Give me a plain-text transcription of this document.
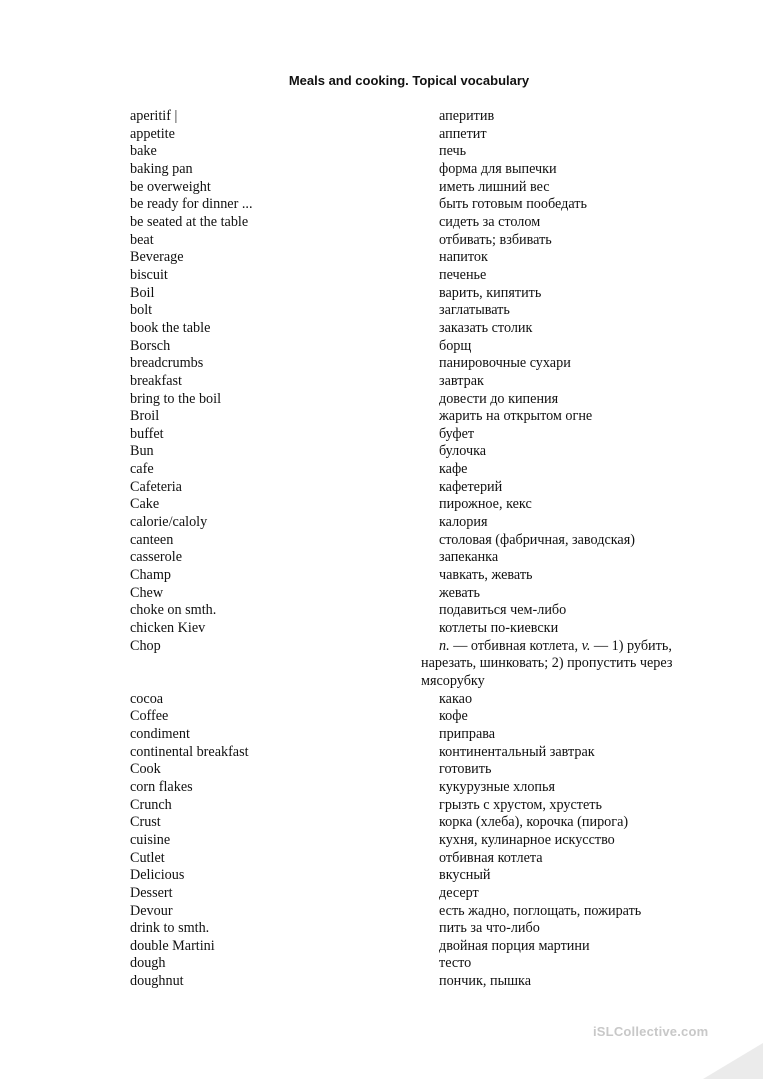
Meals and cooking. Topical vocabulary
aperitif |	аперитив
appetite	аппетит
bake	печь
baking pan	форма для выпечки
be overweight	иметь лишний вес
be ready for dinner ...	быть готовым пообедать
be seated at the table	сидеть за столом
beat	отбивать; взбивать
Beverage	напиток
biscuit	печенье
Boil	варить, кипятить
bolt	заглатывать
book the table	заказать столик
Borsch	борщ
breadcrumbs	панировочные сухари
breakfast	завтрак
bring to the boil	довести до кипения
Broil	жарить на открытом огне
buffet	буфет
Bun	булочка
cafe	кафе
Cafeteria	кафетерий
Cake	пирожное, кекс
calorie/caloly	калория
canteen	столовая (фабричная, заводская)
casserole	запеканка
Champ	чавкать, жевать
Chew	жевать
choke on smth.	подавиться чем-либо
chicken Kiev	котлеты по-киевски
Chop	n. — отбивная котлета, v. — 1) рубить, нарезать, шинковать; 2) пропустить через мясорубку
cocoa	какао
Coffee	кофе
condiment	приправа
continental breakfast	континентальный завтрак
Cook	готовить
corn flakes	кукурузные хлопья
Crunch	грызть с хрустом, хрустеть
Crust	корка (хлеба), корочка (пирога)
cuisine	кухня, кулинарное искусство
Cutlet	отбивная котлета
Delicious	вкусный
Dessert	десерт
Devour	есть жадно, поглощать, пожирать
drink to smth.	пить за что-либо
double Martini	двойная порция мартини
dough	тесто
doughnut	пончик, пышка
iSLCollective.com
